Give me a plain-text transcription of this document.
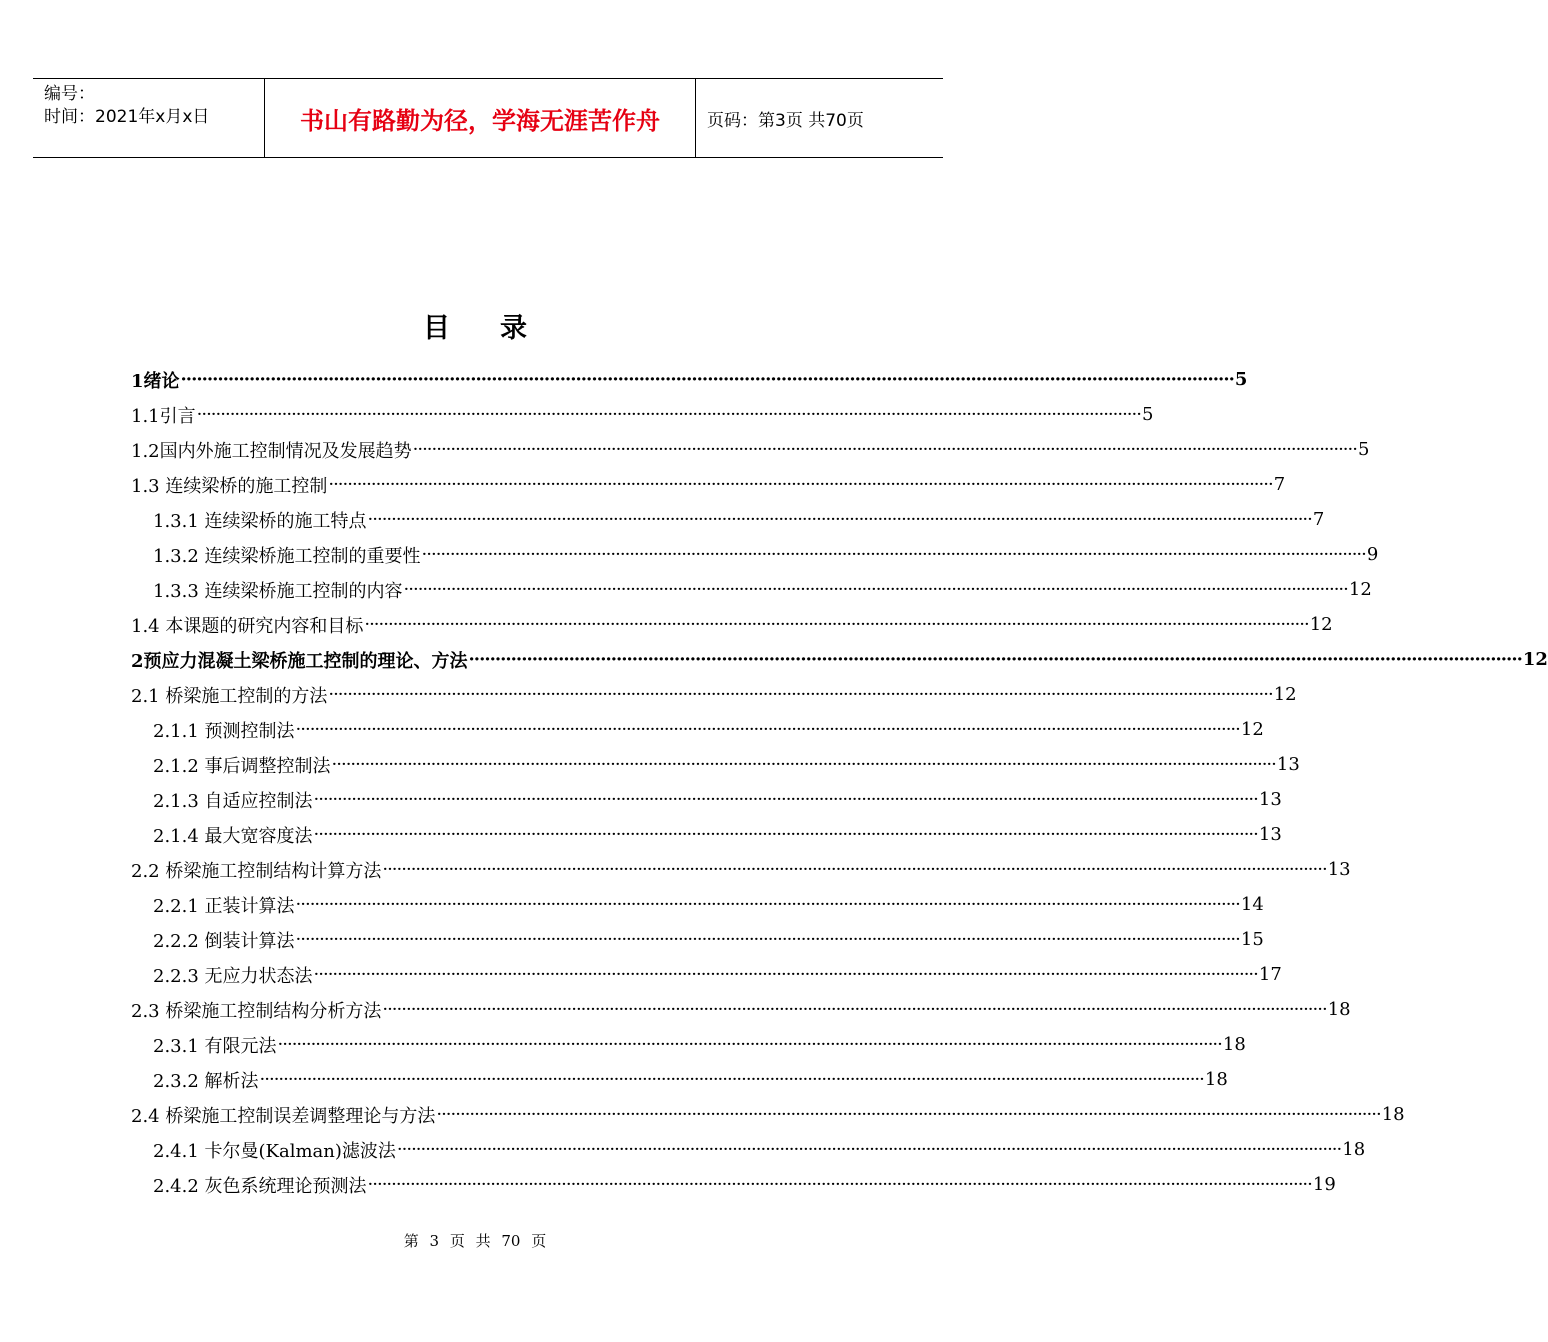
编号：
时间：2021年x月x日	书山有路勤为径，学海无涯苦作舟	页码：第3页 共70页
目录
1绪论 ········································································································································································································ 5
1.1引言 ········································································································································································································ 5
1.2国内外施工控制情况及发展趋势 ········································································································································································································ 5
1.3 连续梁桥的施工控制 ········································································································································································································ 7
1.3.1 连续梁桥的施工特点 ········································································································································································································ 7
1.3.2 连续梁桥施工控制的重要性 ········································································································································································································ 9
1.3.3 连续梁桥施工控制的内容 ········································································································································································································ 12
1.4 本课题的研究内容和目标 ········································································································································································································ 12
2预应力混凝土梁桥施工控制的理论、方法 ········································································································································································································ 12
2.1 桥梁施工控制的方法 ········································································································································································································ 12
2.1.1 预测控制法 ········································································································································································································ 12
2.1.2 事后调整控制法 ········································································································································································································ 13
2.1.3 自适应控制法 ········································································································································································································ 13
2.1.4 最大宽容度法 ········································································································································································································ 13
2.2 桥梁施工控制结构计算方法 ········································································································································································································ 13
2.2.1 正装计算法 ········································································································································································································ 14
2.2.2 倒装计算法 ········································································································································································································ 15
2.2.3 无应力状态法 ········································································································································································································ 17
2.3 桥梁施工控制结构分析方法 ········································································································································································································ 18
2.3.1 有限元法 ········································································································································································································ 18
2.3.2 解析法 ········································································································································································································ 18
2.4 桥梁施工控制误差调整理论与方法 ········································································································································································································ 18
2.4.1 卡尔曼(Kalman)滤波法 ········································································································································································································ 18
2.4.2 灰色系统理论预测法 ········································································································································································································ 19
第 3 页 共 70 页
